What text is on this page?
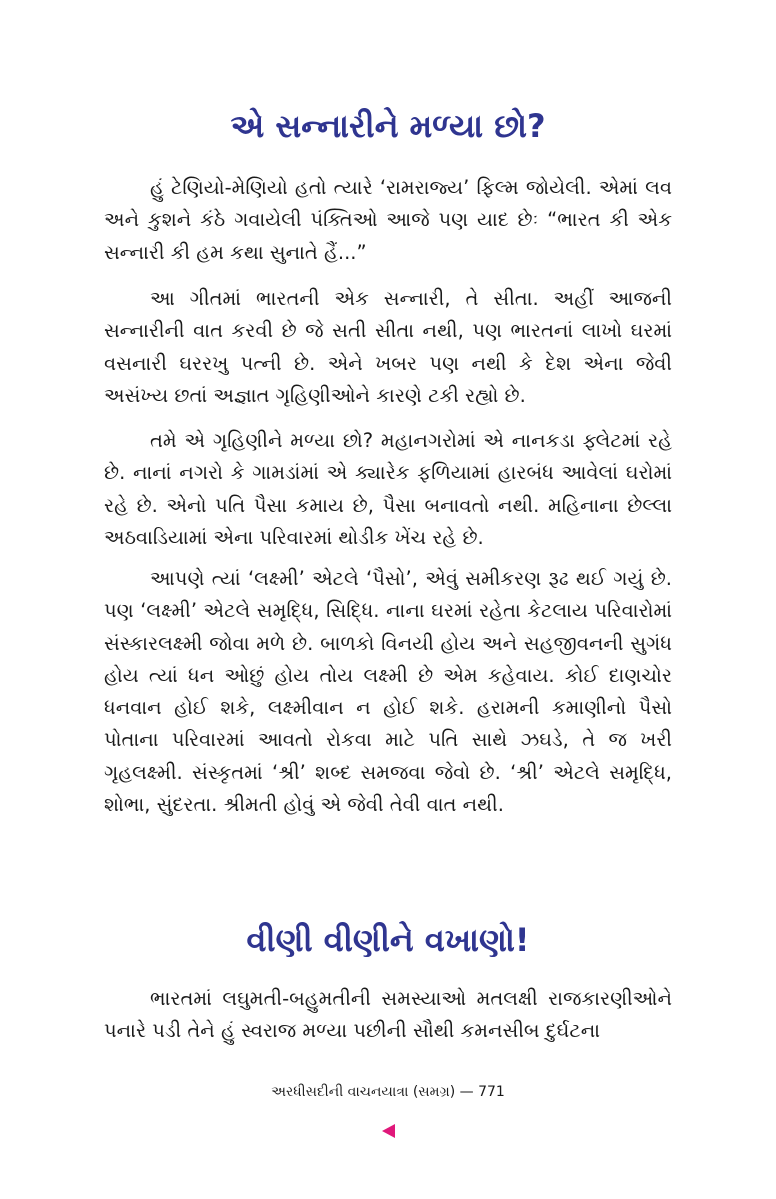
એ સન્નારીને મળ્યા છો?

હું ટેણિયો-મેણિયો હતો ત્યારે ‘રામરાજ્ય’ ફિલ્મ જોયેલી. એમાં લવ અને કુશને કંઠે ગવાયેલી પંક્તિઓ આજે પણ યાદ છેઃ “ભારત કી એક સન્નારી કી હમ કથા સુનાતે હૈં...”

આ ગીતમાં ભારતની એક સન્નારી, તે સીતા. અહીં આજની સન્નારીની વાત કરવી છે જે સતી સીતા નથી, પણ ભારતનાં લાખો ઘરમાં વસનારી ઘરરખુ પત્ની છે. એને ખબર પણ નથી કે દેશ એના જેવી અસંખ્ય છતાં અજ્ઞાત ગૃહિણીઓને કારણે ટકી રહ્યો છે.

તમે એ ગૃહિણીને મળ્યા છો? મહાનગરોમાં એ નાનકડા ફ્લેટમાં રહે છે. નાનાં નગરો કે ગામડાંમાં એ ક્યારેક ફળિયામાં હારબંધ આવેલાં ઘરોમાં રહે છે. એનો પતિ પૈસા કમાય છે, પૈસા બનાવતો નથી. મહિનાના છેલ્લા અઠવાડિયામાં એના પરિવારમાં થોડીક ખેંચ રહે છે.

આપણે ત્યાં ‘લક્ષ્મી’ એટલે ‘પૈસો’, એવું સમીકરણ રૂઢ થઈ ગયું છે. પણ ‘લક્ષ્મી’ એટલે સમૃદ્ધિ, સિદ્ધિ. નાના ઘરમાં રહેતા કેટલાય પરિવારોમાં સંસ્કારલક્ષ્મી જોવા મળે છે. બાળકો વિનયી હોય અને સહજીવનની સુગંધ હોય ત્યાં ધન ઓછું હોય તોય લક્ષ્મી છે એમ કહેવાય. કોઈ દાણચોર ધનવાન હોઈ શકે, લક્ષ્મીવાન ન હોઈ શકે. હરામની કમાણીનો પૈસો પોતાના પરિવારમાં આવતો રોકવા માટે પતિ સાથે ઝઘડે, તે જ ખરી ગૃહલક્ષ્મી. સંસ્કૃતમાં ‘શ્રી’ શબ્દ સમજવા જેવો છે. ‘શ્રી’ એટલે સમૃદ્ધિ, શોભા, સુંદરતા. શ્રીમતી હોવું એ જેવી તેવી વાત નથી.

વીણી વીણીને વખાણો!

ભારતમાં લઘુમતી-બહુમતીની સમસ્યાઓ મતલક્ષી રાજકારણીઓને પનારે પડી તેને હું સ્વરાજ મળ્યા પછીની સૌથી કમનસીબ દુર્ઘટના

અરધીસદીની વાચનયાત્રા (સમગ્ર) — 771
